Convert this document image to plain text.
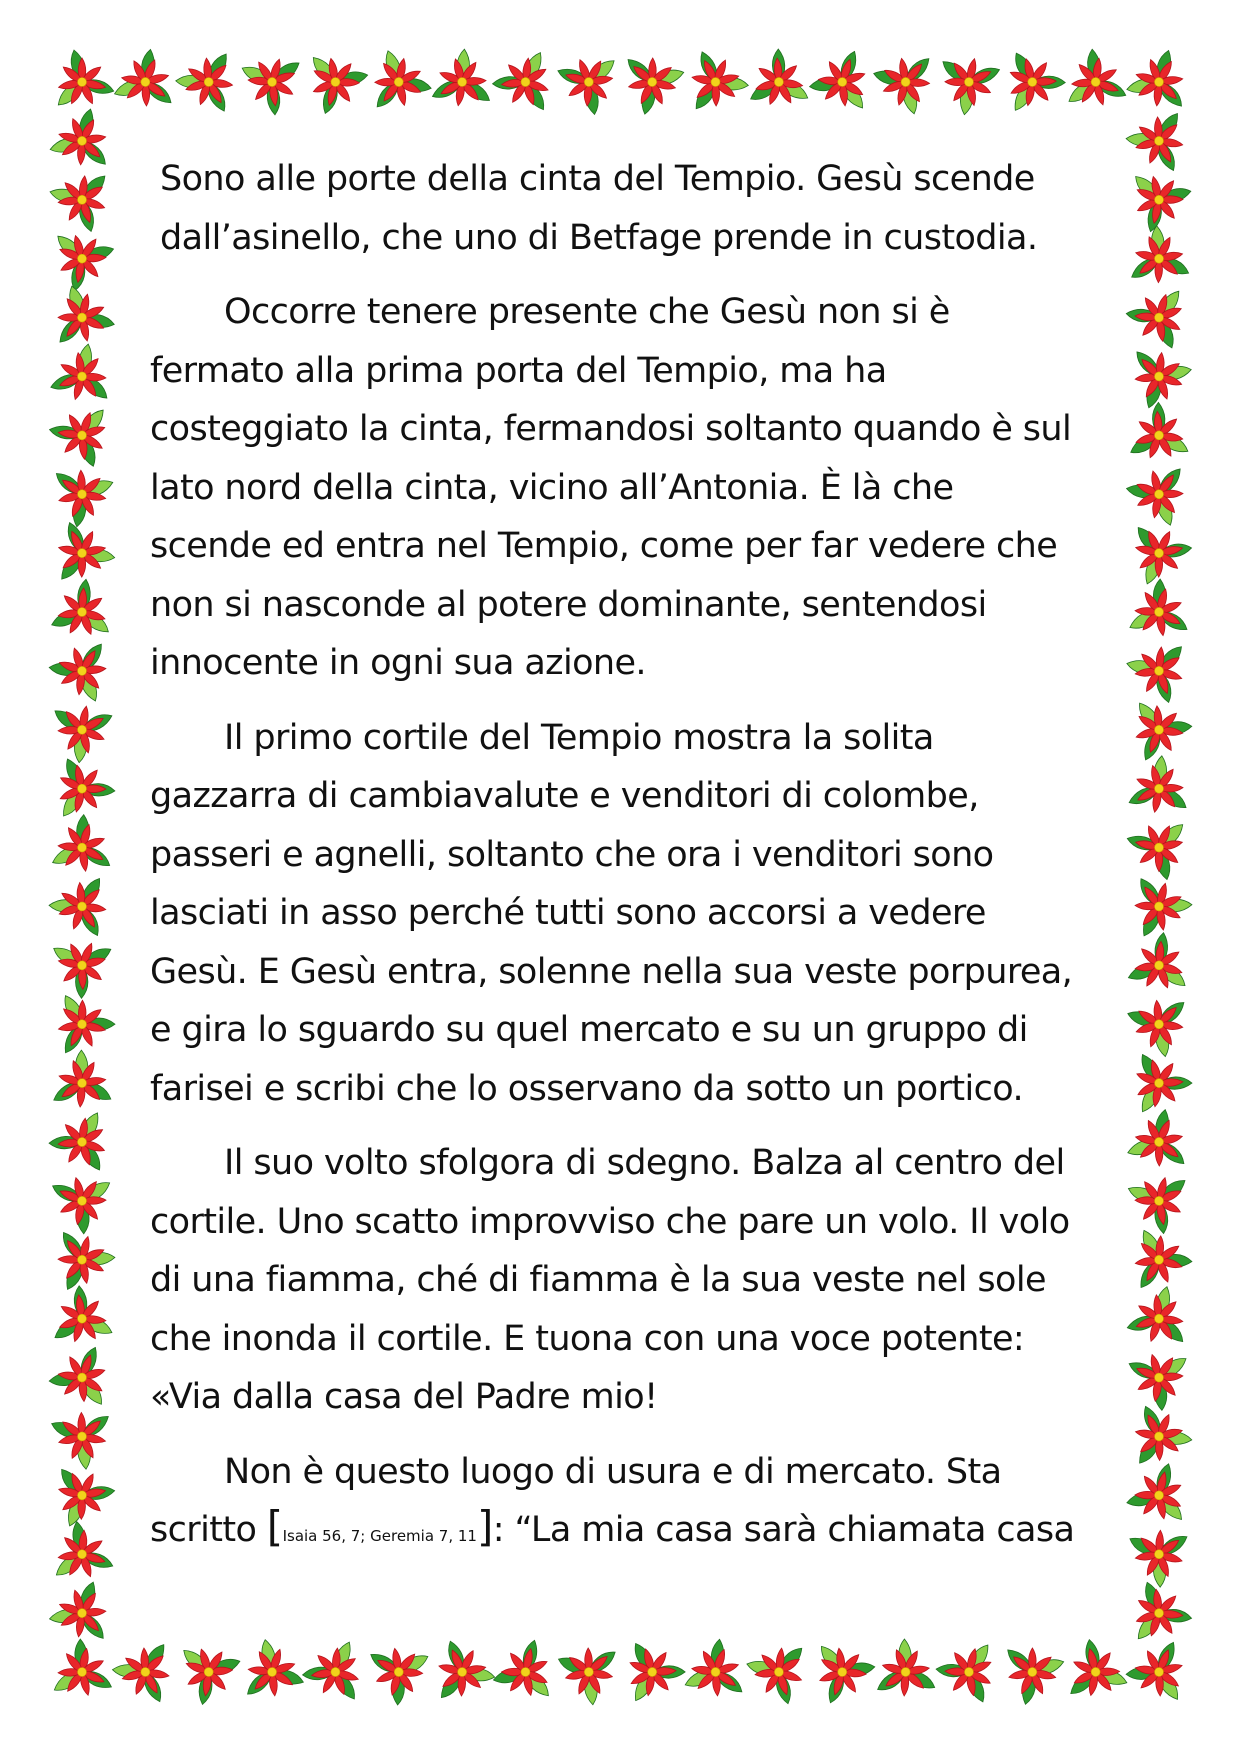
Sono alle porte della cinta del Tempio. Gesù scende dall’asinello, che uno di Betfage prende in custodia.

Occorre tenere presente che Gesù non si è fermato alla prima porta del Tempio, ma ha costeggiato la cinta, fermandosi soltanto quando è sul lato nord della cinta, vicino all’Antonia. È là che scende ed entra nel Tempio, come per far vedere che non si nasconde al potere dominante, sentendosi innocente in ogni sua azione.

Il primo cortile del Tempio mostra la solita gazzarra di cambiavalute e venditori di colombe, passeri e agnelli, soltanto che ora i venditori sono lasciati in asso perché tutti sono accorsi a vedere Gesù. E Gesù entra, solenne nella sua veste porpurea, e gira lo sguardo su quel mercato e su un gruppo di farisei e scribi che lo osservano da sotto un portico.

Il suo volto sfolgora di sdegno. Balza al centro del cortile. Uno scatto improvviso che pare un volo. Il volo di una fiamma, ché di fiamma è la sua veste nel sole che inonda il cortile. E tuona con una voce potente: «Via dalla casa del Padre mio!

Non è questo luogo di usura e di mercato. Sta scritto [Isaia 56, 7; Geremia 7, 11]: “La mia casa sarà chiamata casa
